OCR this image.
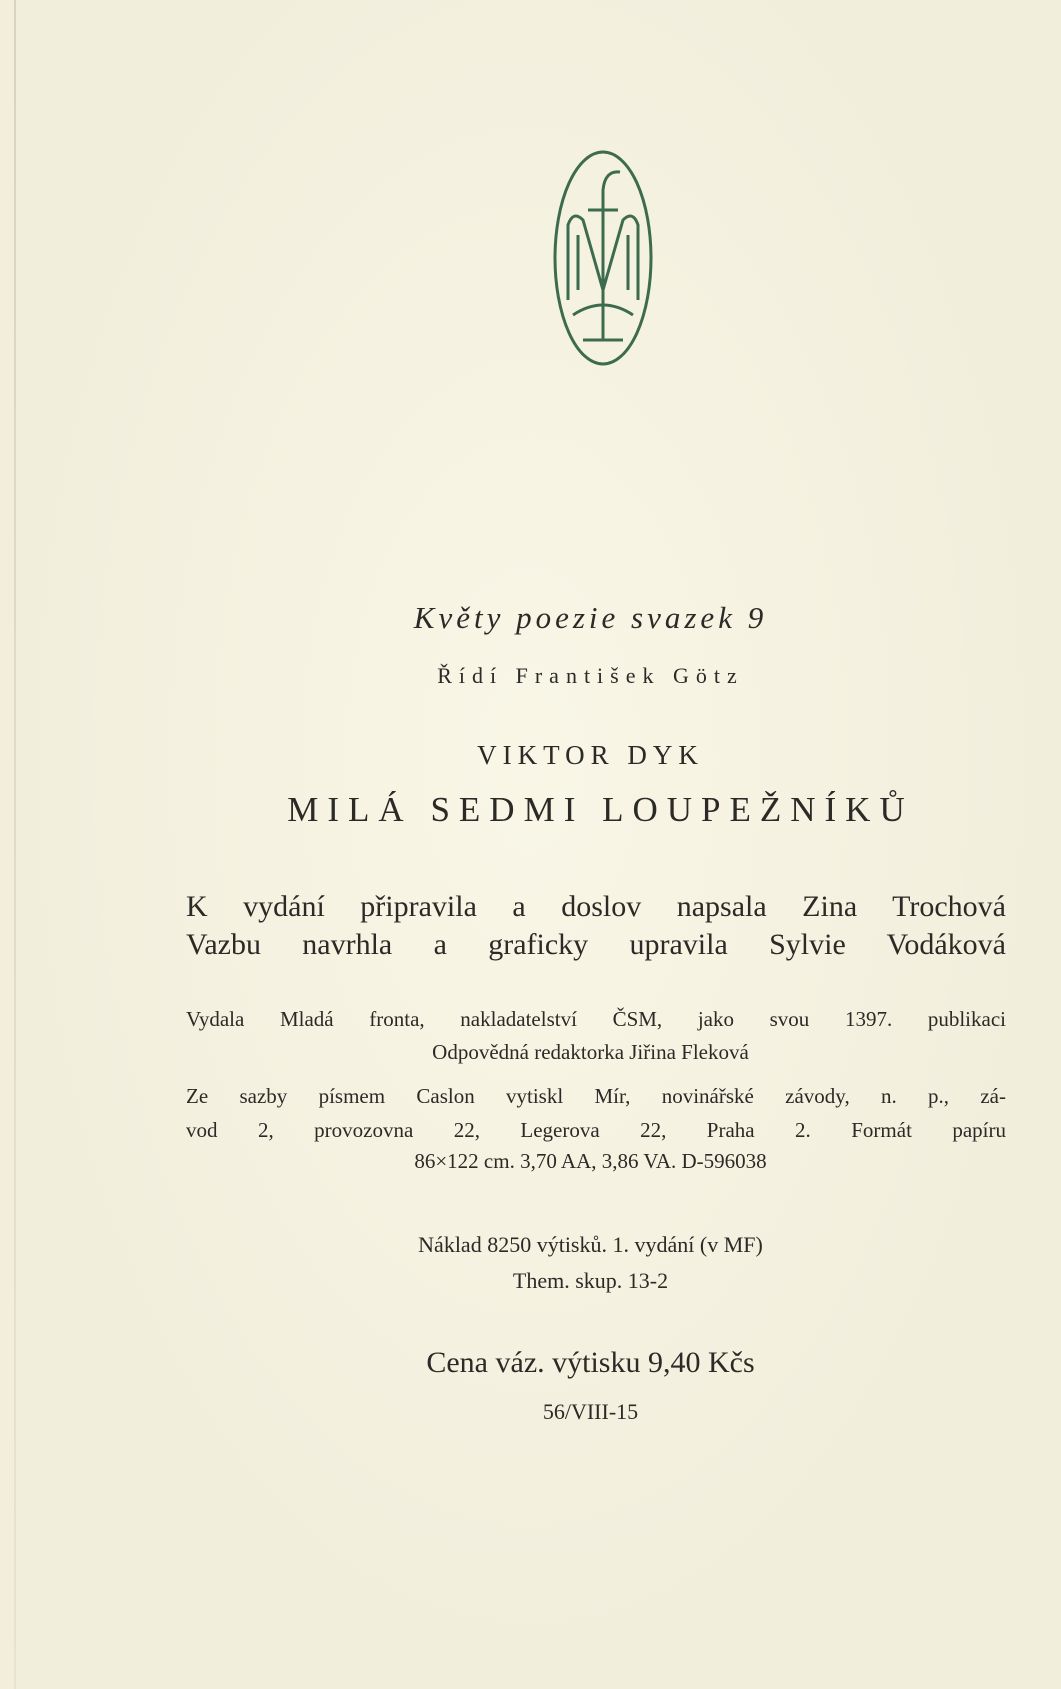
Květy poezie svazek 9
Řídí František Götz
VIKTOR DYK
MILÁ SEDMI LOUPEŽNÍKŮ
K vydání připravila a doslov napsala Zina Trochová
Vazbu navrhla a graficky upravila Sylvie Vodáková
Vydala Mladá fronta, nakladatelství ČSM, jako svou 1397. publikaci
Odpovědná redaktorka Jiřina Fleková
Ze sazby písmem Caslon vytiskl Mír, novinářské závody, n. p., zá-
vod 2, provozovna 22, Legerova 22, Praha 2. Formát papíru
86×122 cm. 3,70 AA, 3,86 VA. D-596038
Náklad 8250 výtisků. 1. vydání (v MF)
Them. skup. 13-2
Cena váz. výtisku 9,40 Kčs
56/VIII-15
